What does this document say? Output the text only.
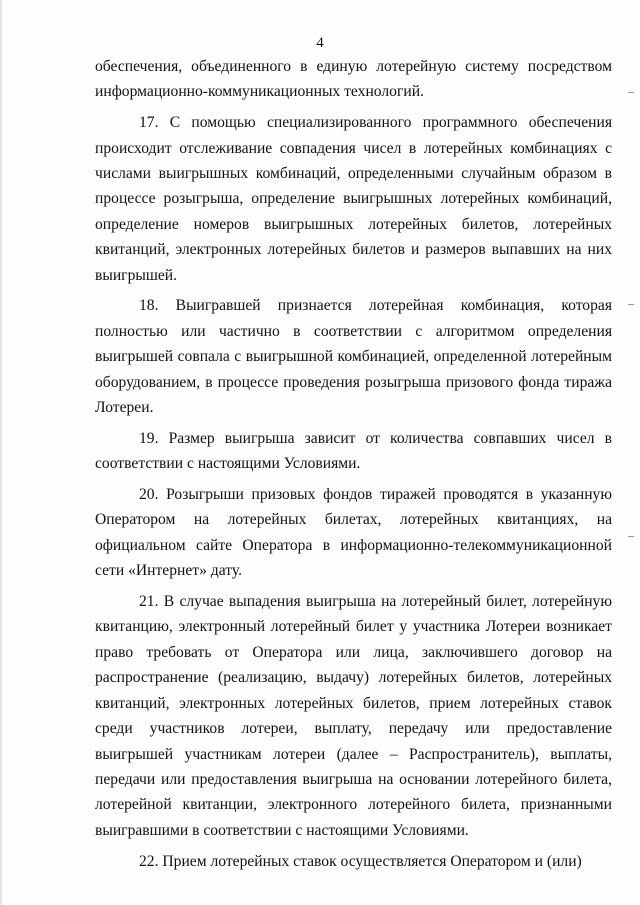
4

обеспечения, объединенного в единую лотерейную систему посредством информационно-коммуникационных технологий.

17. С помощью специализированного программного обеспечения происходит отслеживание совпадения чисел в лотерейных комбинациях с числами выигрышных комбинаций, определенными случайным образом в процессе розыгрыша, определение выигрышных лотерейных комбинаций, определение номеров выигрышных лотерейных билетов, лотерейных квитанций, электронных лотерейных билетов и размеров выпавших на них выигрышей.

18. Выигравшей признается лотерейная комбинация, которая полностью или частично в соответствии с алгоритмом определения выигрышей совпала с выигрышной комбинацией, определенной лотерейным оборудованием, в процессе проведения розыгрыша призового фонда тиража Лотереи.

19. Размер выигрыша зависит от количества совпавших чисел в соответствии с настоящими Условиями.

20. Розыгрыши призовых фондов тиражей проводятся в указанную Оператором на лотерейных билетах, лотерейных квитанциях, на официальном сайте Оператора в информационно-телекоммуникационной сети «Интернет» дату.

21. В случае выпадения выигрыша на лотерейный билет, лотерейную квитанцию, электронный лотерейный билет у участника Лотереи возникает право требовать от Оператора или лица, заключившего договор на распространение (реализацию, выдачу) лотерейных билетов, лотерейных квитанций, электронных лотерейных билетов, прием лотерейных ставок среди участников лотереи, выплату, передачу или предоставление выигрышей участникам лотереи (далее – Распространитель), выплаты, передачи или предоставления выигрыша на основании лотерейного билета, лотерейной квитанции, электронного лотерейного билета, признанными выигравшими в соответствии с настоящими Условиями.

22. Прием лотерейных ставок осуществляется Оператором и (или)
